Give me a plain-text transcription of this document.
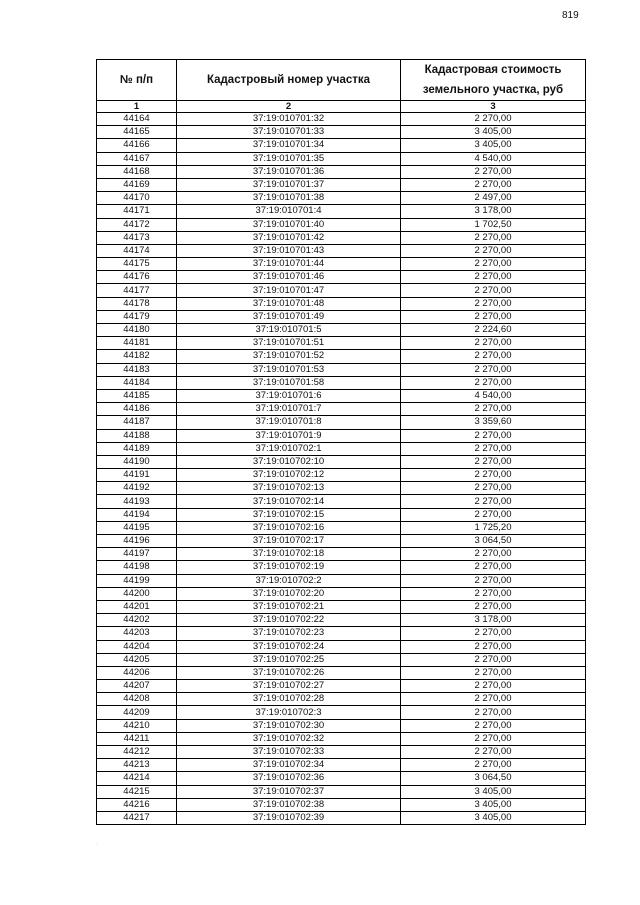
819
№ п/п	Кадастровый номер участка	Кадастровая стоимость земельного участка, руб
1	2	3
44164	37:19:010701:32	2 270,00
44165	37:19:010701:33	3 405,00
44166	37:19:010701:34	3 405,00
44167	37:19:010701:35	4 540,00
44168	37:19:010701:36	2 270,00
44169	37:19:010701:37	2 270,00
44170	37:19:010701:38	2 497,00
44171	37:19:010701:4	3 178,00
44172	37:19:010701:40	1 702,50
44173	37:19:010701:42	2 270,00
44174	37:19:010701:43	2 270,00
44175	37:19:010701:44	2 270,00
44176	37:19:010701:46	2 270,00
44177	37:19:010701:47	2 270,00
44178	37:19:010701:48	2 270,00
44179	37:19:010701:49	2 270,00
44180	37:19:010701:5	2 224,60
44181	37:19:010701:51	2 270,00
44182	37:19:010701:52	2 270,00
44183	37:19:010701:53	2 270,00
44184	37:19:010701:58	2 270,00
44185	37:19:010701:6	4 540,00
44186	37:19:010701:7	2 270,00
44187	37:19:010701:8	3 359,60
44188	37:19:010701:9	2 270,00
44189	37:19:010702:1	2 270,00
44190	37:19:010702:10	2 270,00
44191	37:19:010702:12	2 270,00
44192	37:19:010702:13	2 270,00
44193	37:19:010702:14	2 270,00
44194	37:19:010702:15	2 270,00
44195	37:19:010702:16	1 725,20
44196	37:19:010702:17	3 064,50
44197	37:19:010702:18	2 270,00
44198	37:19:010702:19	2 270,00
44199	37:19:010702:2	2 270,00
44200	37:19:010702:20	2 270,00
44201	37:19:010702:21	2 270,00
44202	37:19:010702:22	3 178,00
44203	37:19:010702:23	2 270,00
44204	37:19:010702:24	2 270,00
44205	37:19:010702:25	2 270,00
44206	37:19:010702:26	2 270,00
44207	37:19:010702:27	2 270,00
44208	37:19:010702:28	2 270,00
44209	37:19:010702:3	2 270,00
44210	37:19:010702:30	2 270,00
44211	37:19:010702:32	2 270,00
44212	37:19:010702:33	2 270,00
44213	37:19:010702:34	2 270,00
44214	37:19:010702:36	3 064,50
44215	37:19:010702:37	3 405,00
44216	37:19:010702:38	3 405,00
44217	37:19:010702:39	3 405,00
·
